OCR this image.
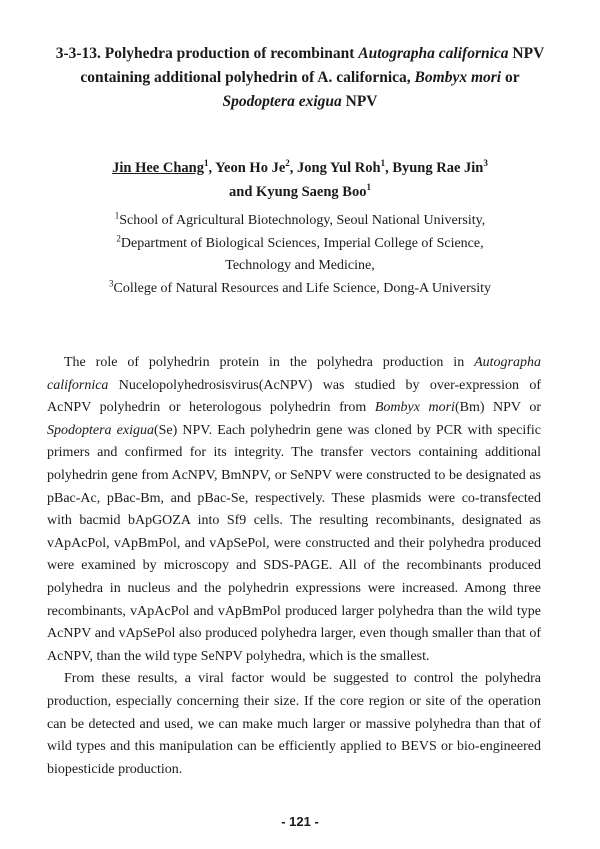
3-3-13. Polyhedra production of recombinant Autographa californica NPV
containing additional polyhedrin of A. californica, Bombyx mori or
Spodoptera exigua NPV
Jin Hee Chang$^1$, Yeon Ho Je$^2$, Jong Yul Roh$^1$, Byung Rae Jin$^3$
and Kyung Saeng Boo$^1$
$^1$School of Agricultural Biotechnology, Seoul National University,
$^2$Department of Biological Sciences, Imperial College of Science,
Technology and Medicine,
$^3$College of Natural Resources and Life Science, Dong-A University

The role of polyhedrin protein in the polyhedra production in Autographa californica Nucelopolyhedrosisvirus(AcNPV) was studied by over-expression of AcNPV polyhedrin or heterologous polyhedrin from Bombyx mori(Bm) NPV or Spodoptera exigua(Se) NPV. Each polyhedrin gene was cloned by PCR with specific primers and confirmed for its integrity. The transfer vectors containing additional polyhedrin gene from AcNPV, BmNPV, or SeNPV were constructed to be designated as pBac-Ac, pBac-Bm, and pBac-Se, respectively. These plasmids were co-transfected with bacmid bApGOZA into Sf9 cells. The resulting recombinants, designated as vApAcPol, vApBmPol, and vApSePol, were constructed and their polyhedra produced were examined by microscopy and SDS-PAGE. All of the recombinants produced polyhedra in nucleus and the polyhedrin expressions were increased. Among three recombinants, vApAcPol and vApBmPol produced larger polyhedra than the wild type AcNPV and vApSePol also produced polyhedra larger, even though smaller than that of AcNPV, than the wild type SeNPV polyhedra, which is the smallest.

From these results, a viral factor would be suggested to control the polyhedra production, especially concerning their size. If the core region or site of the operation can be detected and used, we can make much larger or massive polyhedra than that of wild types and this manipulation can be efficiently applied to BEVS or bio-engineered biopesticide production.

- 121 -
